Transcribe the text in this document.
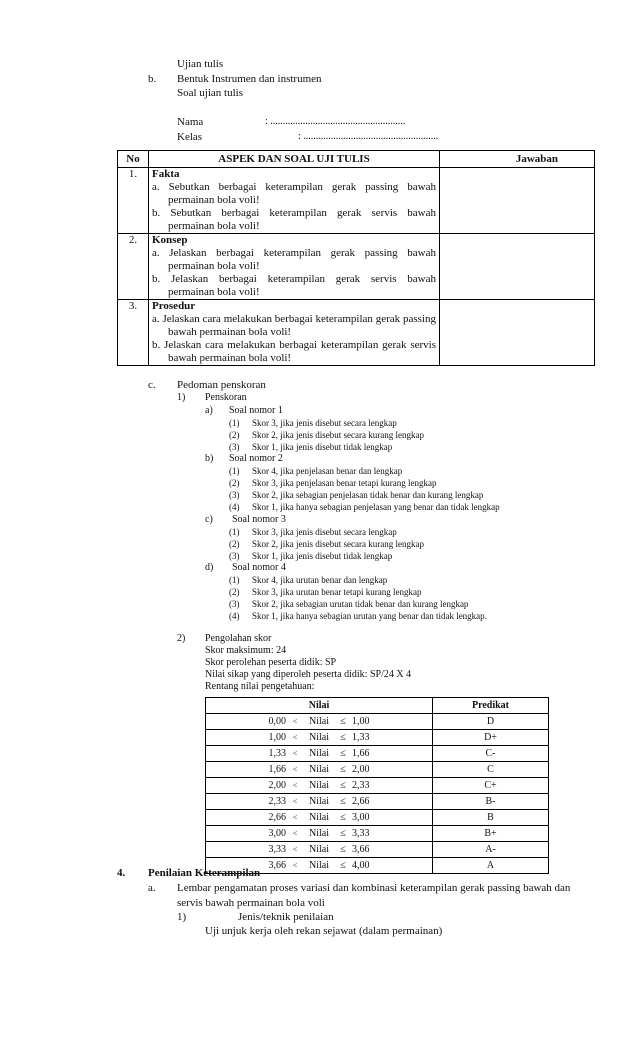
Ujian tulis
b. Bentuk Instrumen dan instrumen
Soal ujian tulis
Nama	: ......................................................
Kelas	: ......................................................
No	ASPEK DAN SOAL UJI TULIS	Jawaban
1.	Fakta
a. Sebutkan berbagai keterampilan gerak passing bawah permainan bola voli!
b. Sebutkan berbagai keterampilan gerak servis bawah permainan bola voli!	

2.	Konsep
a. Jelaskan berbagai keterampilan gerak passing bawah permainan bola voli!
b. Jelaskan berbagai keterampilan gerak servis bawah permainan bola voli!	

3.	Prosedur
a. Jelaskan cara melakukan berbagai keterampilan gerak passing bawah permainan bola voli!
b. Jelaskan cara melakukan berbagai keterampilan gerak servis bawah permainan bola voli!	

c. Pedoman penskoran
1) Penskoran
a) Soal nomor 1
(1) Skor 3, jika jenis disebut secara lengkap
(2) Skor 2, jika jenis disebut secara kurang lengkap
(3) Skor 1, jika jenis disebut tidak lengkap
b) Soal nomor 2
(1) Skor 4, jika penjelasan benar dan lengkap
(2) Skor 3, jika penjelasan benar tetapi kurang lengkap
(3) Skor 2, jika sebagian penjelasan tidak benar dan kurang lengkap
(4) Skor 1, jika hanya sebagian penjelasan yang benar dan tidak lengkap
c) Soal nomor 3
(1) Skor 3, jika jenis disebut secara lengkap
(2) Skor 2, jika jenis disebut secara kurang lengkap
(3) Skor 1, jika jenis disebut tidak lengkap
d) Soal nomor 4
(1) Skor 4, jika urutan benar dan lengkap
(2) Skor 3, jika urutan benar tetapi kurang lengkap
(3) Skor 2, jika sebagian urutan tidak benar dan kurang lengkap
(4) Skor 1, jika hanya sebagian urutan yang benar dan tidak lengkap.
2) Pengolahan skor
Skor maksimum: 24
Skor perolehan peserta didik: SP
Nilai sikap yang diperoleh peserta didik: SP/24 X 4
Rentang nilai pengetahuan:
Nilai	Predikat

0,00 < Nilai ≤ 1,00	D

1,00 < Nilai ≤ 1,33	D+

1,33 < Nilai ≤ 1,66	C-

1,66 < Nilai ≤ 2,00	C

2,00 < Nilai ≤ 2,33	C+

2,33 < Nilai ≤ 2,66	B-

2,66 < Nilai ≤ 3,00	B

3,00 < Nilai ≤ 3,33	B+

3,33 < Nilai ≤ 3,66	A-

3,66 < Nilai ≤ 4,00	A
4. Penilaian Keterampilan
a. Lembar pengamatan proses variasi dan kombinasi keterampilan gerak passing bawah dan
servis bawah permainan bola voli
1)	Jenis/teknik penilaian
Uji unjuk kerja oleh rekan sejawat (dalam permainan)
